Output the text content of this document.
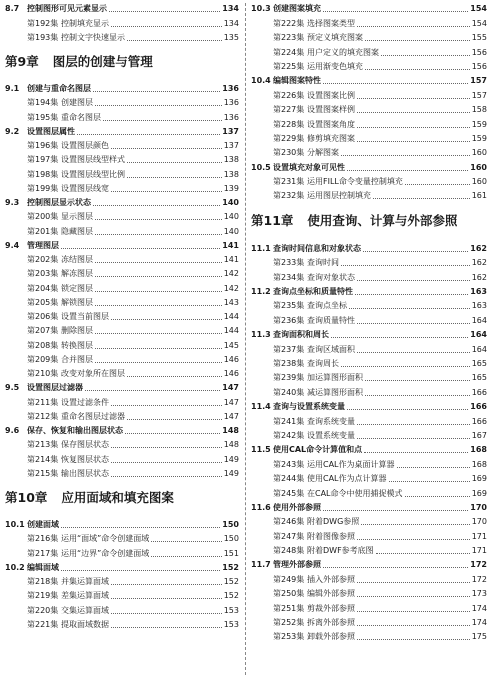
8.7 控制图形可见元素显示	134
第192集 控制填充显示	134
第193集 控制文字快速显示	135
第9章 图层的创建与管理
9.1 创建与重命名图层	136
第194集 创建图层	136
第195集 重命名图层	136
9.2 设置图层属性	137
第196集 设置图层颜色	137
第197集 设置图层线型样式	138
第198集 设置图层线型比例	138
第199集 设置图层线宽	139
9.3 控制图层显示状态	140
第200集 显示图层	140
第201集 隐藏图层	140
9.4 管理图层	141
第202集 冻结图层	141
第203集 解冻图层	142
第204集 锁定图层	142
第205集 解锁图层	143
第206集 设置当前图层	144
第207集 删除图层	144
第208集 转换图层	145
第209集 合并图层	146
第210集 改变对象所在图层	146
9.5 设置图层过滤器	147
第211集 设置过滤条件	147
第212集 重命名图层过滤器	147
9.6 保存、恢复和输出图层状态	148
第213集 保存图层状态	148
第214集 恢复图层状态	149
第215集 输出图层状态	149
第10章 应用面域和填充图案
10.1 创建面域	150
第216集 运用“面域”命令创建面域	150
第217集 运用“边界”命令创建面域	151
10.2 编辑面域	152
第218集 并集运算面域	152
第219集 差集运算面域	152
第220集 交集运算面域	153
第221集 提取面域数据	153
10.3 创建图案填充	154
第222集 选择图案类型	154
第223集 预定义填充图案	155
第224集 用户定义的填充图案	156
第225集 运用渐变色填充	156
10.4 编辑图案特性	157
第226集 设置图案比例	157
第227集 设置图案样例	158
第228集 设置图案角度	159
第229集 修剪填充图案	159
第230集 分解图案	160
10.5 设置填充对象可见性	160
第231集 运用FILL命令变量控制填充	160
第232集 运用图层控制填充	161
第11章 使用查询、计算与外部参照
11.1 查询时间信息和对象状态	162
第233集 查询时间	162
第234集 查询对象状态	162
11.2 查询点坐标和质量特性	163
第235集 查询点坐标	163
第236集 查询质量特性	164
11.3 查询面积和周长	164
第237集 查询区域面积	164
第238集 查询周长	165
第239集 加运算图形面积	165
第240集 减运算图形面积	166
11.4 查询与设置系统变量	166
第241集 查询系统变量	166
第242集 设置系统变量	167
11.5 使用CAL命令计算值和点	168
第243集 运用CAL作为桌面计算器	168
第244集 使用CAL作为点计算器	169
第245集 在CAL命令中使用捕捉模式	169
11.6 使用外部参照	170
第246集 附着DWG参照	170
第247集 附着图像参照	171
第248集 附着DWF参考底图	171
11.7 管理外部参照	172
第249集 插入外部参照	172
第250集 编辑外部参照	173
第251集 剪裁外部参照	174
第252集 拆离外部参照	174
第253集 卸载外部参照	175
